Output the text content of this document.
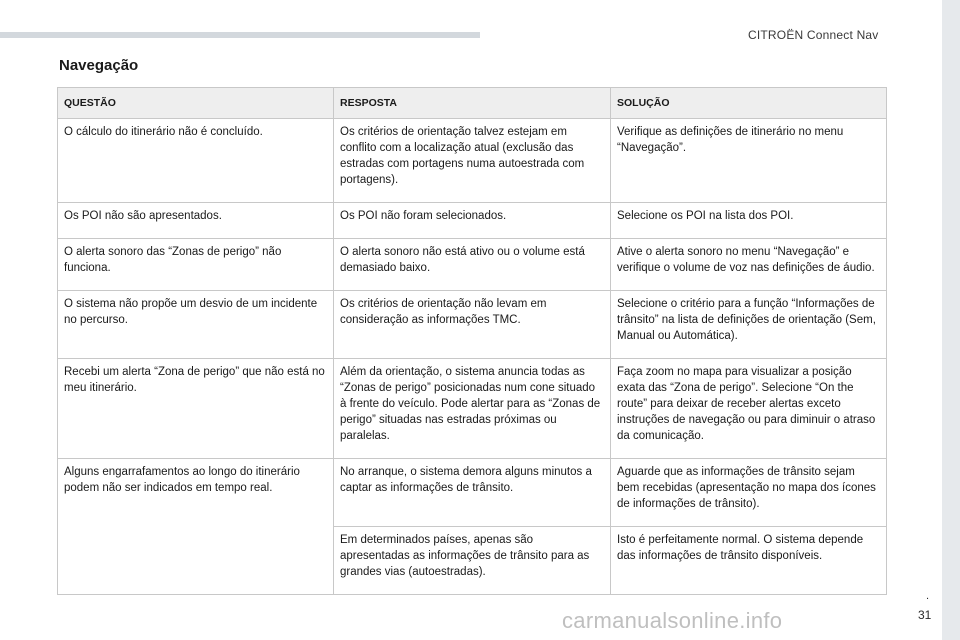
CITROËN Connect Nav
Navegação
QUESTÃO	RESPOSTA	SOLUÇÃO
O cálculo do itinerário não é concluído.	Os critérios de orientação talvez estejam em conflito com a localização atual (exclusão das estradas com portagens numa autoestrada com portagens).	Verifique as definições de itinerário no menu “Navegação”.
Os POI não são apresentados.	Os POI não foram selecionados.	Selecione os POI na lista dos POI.
O alerta sonoro das “Zonas de perigo” não funciona.	O alerta sonoro não está ativo ou o volume está demasiado baixo.	Ative o alerta sonoro no menu “Navegação” e verifique o volume de voz nas definições de áudio.
O sistema não propõe um desvio de um incidente no percurso.	Os critérios de orientação não levam em consideração as informações TMC.	Selecione o critério para a função “Informações de trânsito” na lista de definições de orientação (Sem, Manual ou Automática).
Recebi um alerta “Zona de perigo” que não está no meu itinerário.	Além da orientação, o sistema anuncia todas as “Zonas de perigo” posicionadas num cone situado à frente do veículo. Pode alertar para as “Zonas de perigo” situadas nas estradas próximas ou paralelas.	Faça zoom no mapa para visualizar a posição exata das “Zona de perigo”. Selecione “On the route” para deixar de receber alertas exceto instruções de navegação ou para diminuir o atraso da comunicação.
Alguns engarrafamentos ao longo do itinerário podem não ser indicados em tempo real.	No arranque, o sistema demora alguns minutos a captar as informações de trânsito.	Aguarde que as informações de trânsito sejam bem recebidas (apresentação no mapa dos ícones de informações de trânsito).
	Em determinados países, apenas são apresentadas as informações de trânsito para as grandes vias (autoestradas).	Isto é perfeitamente normal. O sistema depende das informações de trânsito disponíveis.
.
carmanualsonline.info	31
